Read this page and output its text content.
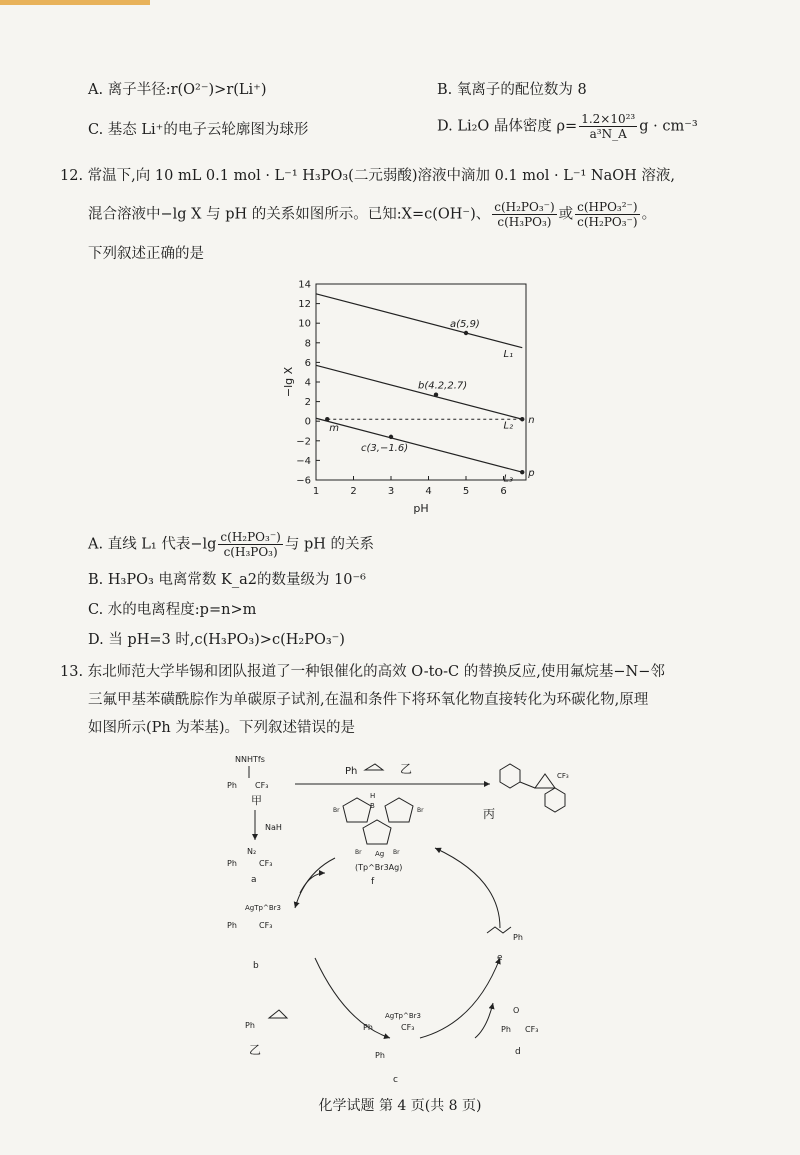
A. 离子半径:r(O²⁻)>r(Li⁺)	B. 氧离子的配位数为 8
C. 基态 Li⁺的电子云轮廓图为球形	D. Li₂O 晶体密度 $\rho= \frac{\text{1.2×10²³}}{\text{a³N\_A}}$ g · cm⁻³
12. 常温下,向 10 mL 0.1 mol · L⁻¹ H₃PO₃(二元弱酸)溶液中滴加 0.1 mol · L⁻¹ NaOH 溶液,
混合溶液中−lg X 与 pH 的关系如图所示。已知:X=c(OH⁻)、 $\frac{\text{c(H₂PO₃⁻)}}{\text{c(H₃PO₃)}}$ 或 $\frac{\text{c(HPO₃²⁻)}}{\text{c(H₂PO₃⁻)}}$ 。
下列叙述正确的是
−6
−4
−2
0
2
4
6
8
10
12
14
1	2	3	4	5	6
pH
−lg X
L₁
L₂
L₃
a(5,9)
b(4.2,2.7)
c(3,−1.6)
m
n
p
A. 直线 L₁ 代表$-\lg \frac{\text{c(H₂PO₃⁻)}}{\text{c(H₃PO₃)}}$ 与 pH 的关系
B. H₃PO₃ 电离常数 K_a2的数量级为 10⁻⁶
C. 水的电离程度:p=n>m
D. 当 pH=3 时,c(H₃PO₃)>c(H₂PO₃⁻)
13. 东北师范大学毕锡和团队报道了一种银催化的高效 O-to-C 的替换反应,使用氟烷基−N−邻
三氟甲基苯磺酰腙作为单碳原子试剂,在温和条件下将环氧化物直接转化为环碳化物,原理
如图所示(Ph 为苯基)。下列叙述错误的是
Ph	乙
NNHTfs
Ph CF₃
甲
NaH
N₂
Ph	CF₃
a
H
B
Ag
Br	Br
Br	Br
(Tp^Br3Ag)
f
CF₃
丙
AgTp^Br3
Ph	CF₃
b
Ph
乙
AgTp^Br3
Ph	CF₃
Ph
c
O
Ph CF₃
d
Ph
e
化学试题 第 4 页(共 8 页)
